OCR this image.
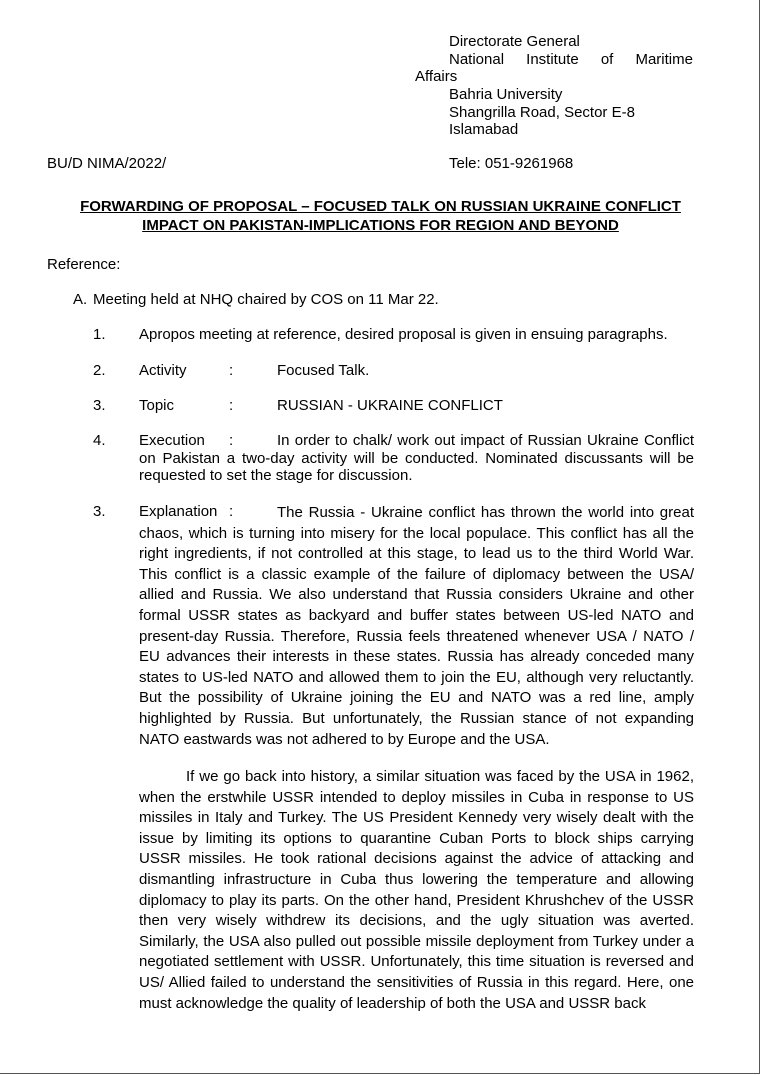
Directorate General
National Institute of Maritime
Affairs
Bahria University
Shangrilla Road, Sector E-8
Islamabad
BU/D NIMA/2022/	Tele: 051-9261968
FORWARDING OF PROPOSAL – FOCUSED TALK ON RUSSIAN UKRAINE CONFLICT
IMPACT ON PAKISTAN-IMPLICATIONS FOR REGION AND BEYOND
Reference:
A. Meeting held at NHQ chaired by COS on 11 Mar 22.
1. Apropos meeting at reference, desired proposal is given in ensuing paragraphs.
2. Activity	:	Focused Talk.
3. Topic	:	RUSSIAN - UKRAINE CONFLICT
4. Execution :	In order to chalk/ work out impact of Russian Ukraine Conflict on Pakistan a two-day activity will be conducted. Nominated discussants will be requested to set the stage for discussion.

3. Explanation :	The Russia - Ukraine conflict has thrown the world into great chaos, which is turning into misery for the local populace. This conflict has all the right ingredients, if not controlled at this stage, to lead us to the third World War. This conflict is a classic example of the failure of diplomacy between the USA/ allied and Russia. We also understand that Russia considers Ukraine and other formal USSR states as backyard and buffer states between US-led NATO and present-day Russia. Therefore, Russia feels threatened whenever USA / NATO / EU advances their interests in these states. Russia has already conceded many states to US-led NATO and allowed them to join the EU, although very reluctantly. But the possibility of Ukraine joining the EU and NATO was a red line, amply highlighted by Russia. But unfortunately, the Russian stance of not expanding NATO eastwards was not adhered to by Europe and the USA.

If we go back into history, a similar situation was faced by the USA in 1962, when the erstwhile USSR intended to deploy missiles in Cuba in response to US missiles in Italy and Turkey. The US President Kennedy very wisely dealt with the issue by limiting its options to quarantine Cuban Ports to block ships carrying USSR missiles. He took rational decisions against the advice of attacking and dismantling infrastructure in Cuba thus lowering the temperature and allowing diplomacy to play its parts. On the other hand, President Khrushchev of the USSR then very wisely withdrew its decisions, and the ugly situation was averted. Similarly, the USA also pulled out possible missile deployment from Turkey under a negotiated settlement with USSR. Unfortunately, this time situation is reversed and US/ Allied failed to understand the sensitivities of Russia in this regard. Here, one must acknowledge the quality of leadership of both the USA and USSR back
